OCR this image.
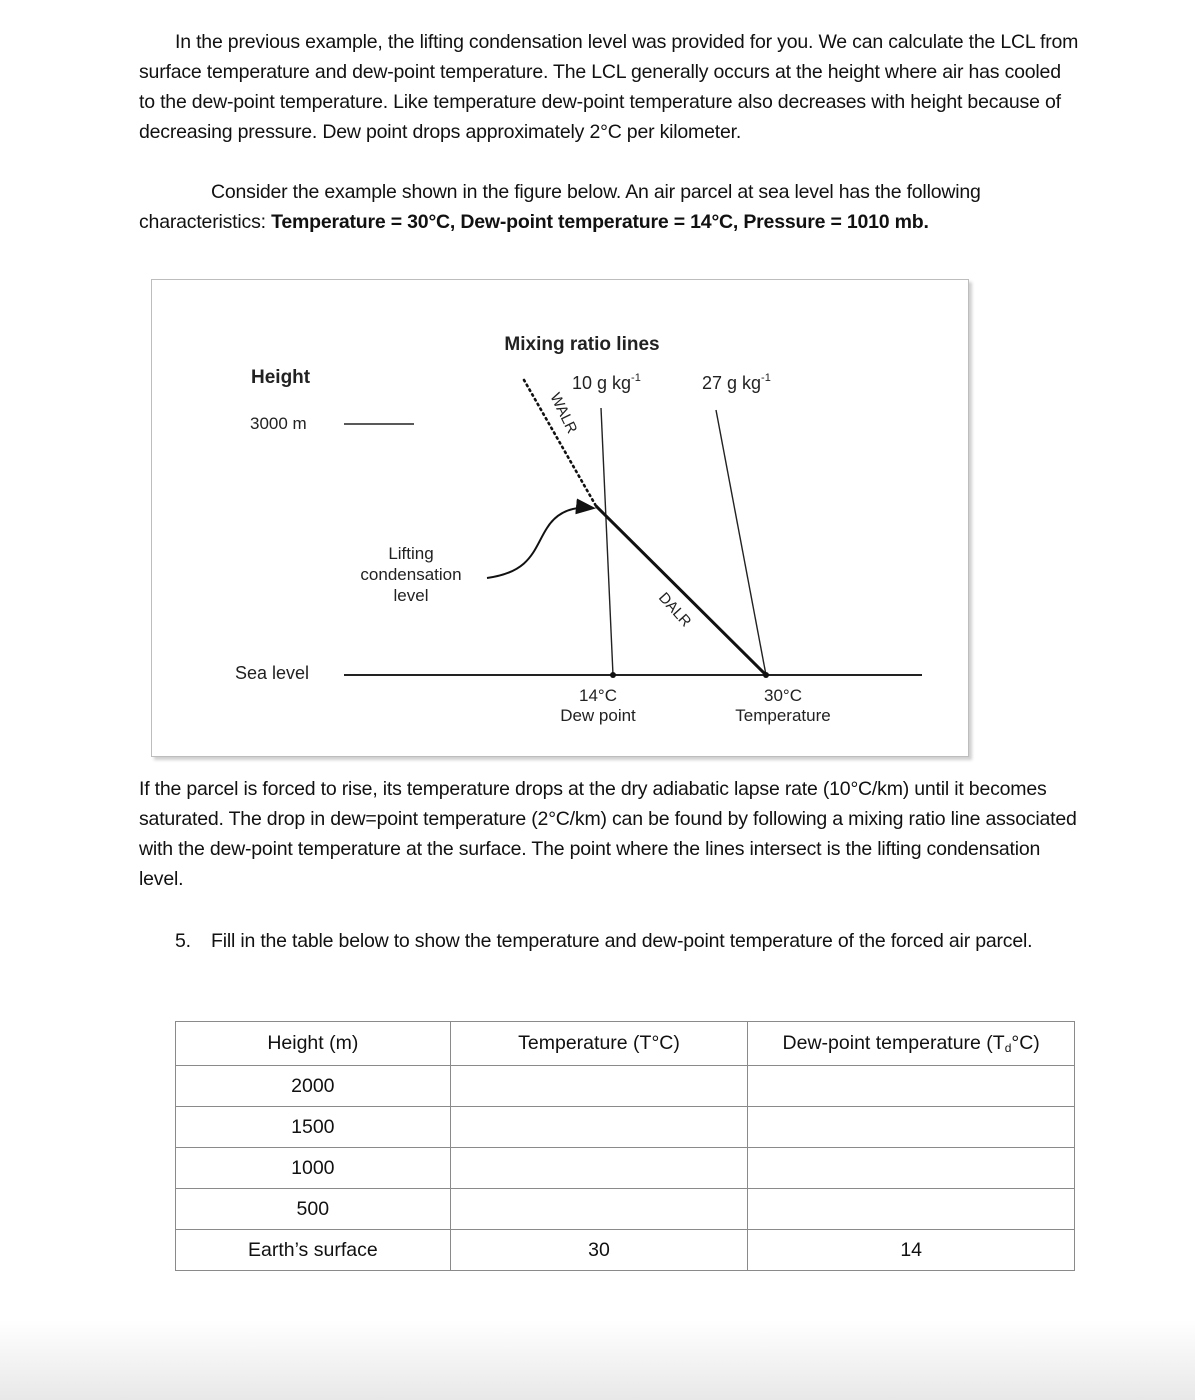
In the previous example, the lifting condensation level was provided for you. We can calculate the LCL from surface temperature and dew-point temperature. The LCL generally occurs at the height where air has cooled to the dew-point temperature. Like temperature dew-point temperature also decreases with height because of decreasing pressure. Dew point drops approximately 2°C per kilometer.
Consider the example shown in the figure below. An air parcel at sea level has the following characteristics: Temperature = 30°C, Dew-point temperature = 14°C, Pressure = 1010 mb.
Mixing ratio lines
Height
3000 m
Sea level
10 g $kg^{-1}$	27 g $kg^{-1}$
WALR
DALR
Lifting
condensation
level
14°C
Dew point
30°C
Temperature
If the parcel is forced to rise, its temperature drops at the dry adiabatic lapse rate (10°C/km) until it becomes saturated. The drop in dew=point temperature (2°C/km) can be found by following a mixing ratio line associated with the dew-point temperature at the surface. The point where the lines intersect is the lifting condensation level.
5. Fill in the table below to show the temperature and dew-point temperature of the forced air parcel.
Height (m)	Temperature (T°C)	Dew-point temperature $(T_d^\circ C)$
2000		
1500		
1000		
500		
Earth’s surface	30	14
